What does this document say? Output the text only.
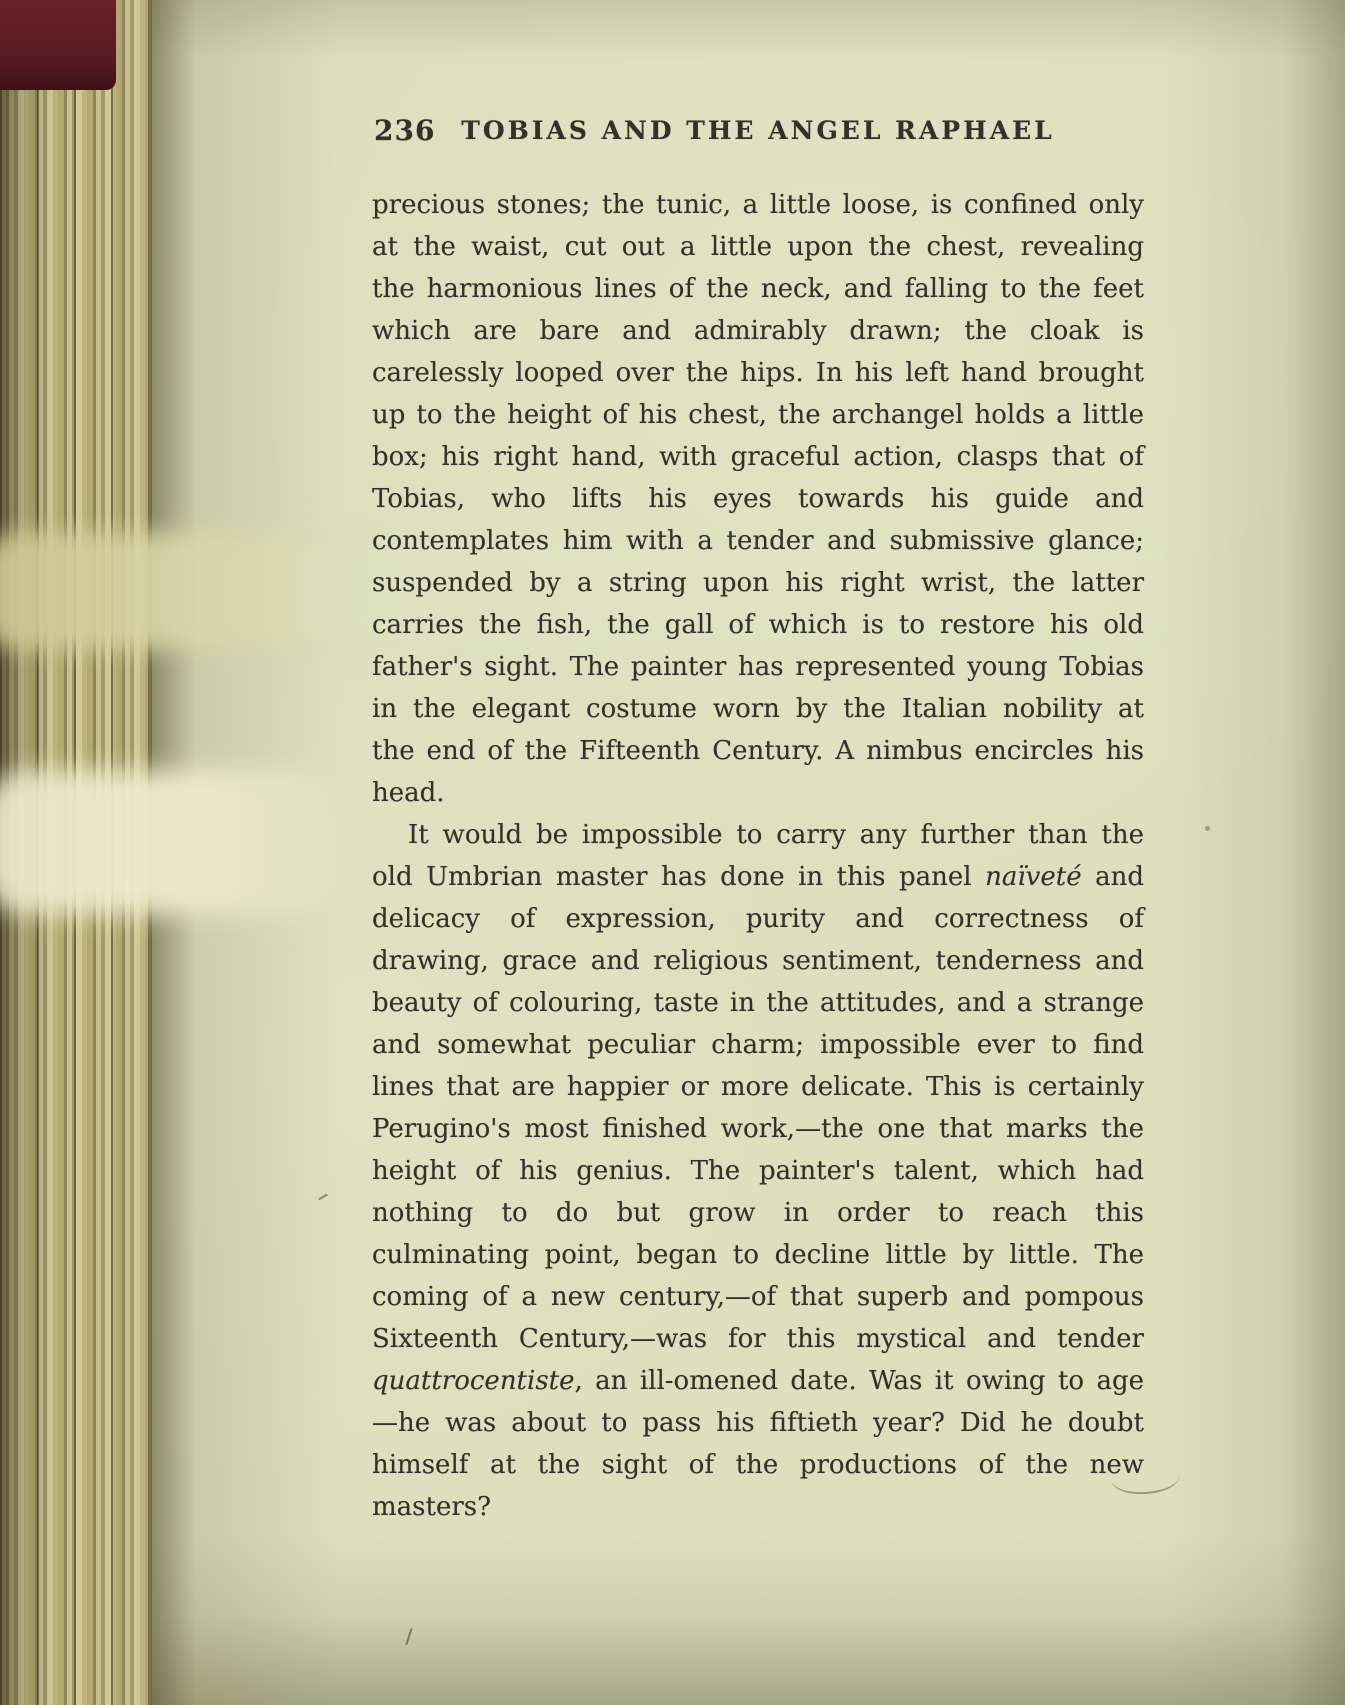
236 TOBIAS AND THE ANGEL RAPHAEL

precious stones; the tunic, a little loose, is confined only at the waist, cut out a little upon the chest, revealing the harmonious lines of the neck, and falling to the feet which are bare and admirably drawn; the cloak is carelessly looped over the hips. In his left hand brought up to the height of his chest, the archangel holds a little box; his right hand, with graceful action, clasps that of Tobias, who lifts his eyes towards his guide and contemplates him with a tender and submissive glance; suspended by a string upon his right wrist, the latter carries the fish, the gall of which is to restore his old father's sight. The painter has represented young Tobias in the elegant costume worn by the Italian nobility at the end of the Fifteenth Century. A nimbus encircles his head.

It would be impossible to carry any further than the old Umbrian master has done in this panel naïveté and delicacy of expression, purity and correctness of drawing, grace and religious sentiment, tenderness and beauty of colouring, taste in the attitudes, and a strange and somewhat peculiar charm; impossible ever to find lines that are happier or more delicate. This is certainly Perugino's most finished work,—the one that marks the height of his genius. The painter's talent, which had nothing to do but grow in order to reach this culminating point, began to decline little by little. The coming of a new century,—of that superb and pompous Sixteenth Century,—was for this mystical and tender quattrocentiste, an ill-omened date. Was it owing to age—he was about to pass his fiftieth year? Did he doubt himself at the sight of the productions of the new masters?
